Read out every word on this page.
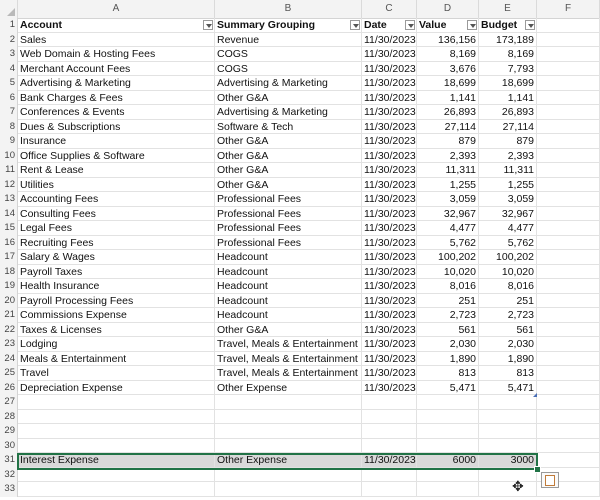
A	B	C	D	E	F
1 Account	Summary Grouping	Date	Value	Budget
2 Sales	Revenue	11/30/2023	136,156	173,189
3 Web Domain & Hosting Fees	COGS	11/30/2023	8,169	8,169
4 Merchant Account Fees	COGS	11/30/2023	3,676	7,793
5 Advertising & Marketing	Advertising & Marketing	11/30/2023	18,699	18,699
6 Bank Charges & Fees	Other G&A	11/30/2023	1,141	1,141
7 Conferences & Events	Advertising & Marketing	11/30/2023	26,893	26,893
8 Dues & Subscriptions	Software & Tech	11/30/2023	27,114	27,114
9 Insurance	Other G&A	11/30/2023	879	879
10 Office Supplies & Software	Other G&A	11/30/2023	2,393	2,393
11 Rent & Lease	Other G&A	11/30/2023	11,311	11,311
12 Utilities	Other G&A	11/30/2023	1,255	1,255
13 Accounting Fees	Professional Fees	11/30/2023	3,059	3,059
14 Consulting Fees	Professional Fees	11/30/2023	32,967	32,967
15 Legal Fees	Professional Fees	11/30/2023	4,477	4,477
16 Recruiting Fees	Professional Fees	11/30/2023	5,762	5,762
17 Salary & Wages	Headcount	11/30/2023	100,202	100,202
18 Payroll Taxes	Headcount	11/30/2023	10,020	10,020
19 Health Insurance	Headcount	11/30/2023	8,016	8,016
20 Payroll Processing Fees	Headcount	11/30/2023	251	251
21 Commissions Expense	Headcount	11/30/2023	2,723	2,723
22 Taxes & Licenses	Other G&A	11/30/2023	561	561
23 Lodging	Travel, Meals & Entertainment 11/30/2023	2,030	2,030
24 Meals & Entertainment	Travel, Meals & Entertainment 11/30/2023	1,890	1,890
25 Travel	Travel, Meals & Entertainment 11/30/2023	813	813
26 Depreciation Expense	Other Expense	11/30/2023	5,471	5,471
27
28
29
30
31 Interest Expense	Other Expense	11/30/2023	6000	3000
32
33	✥
